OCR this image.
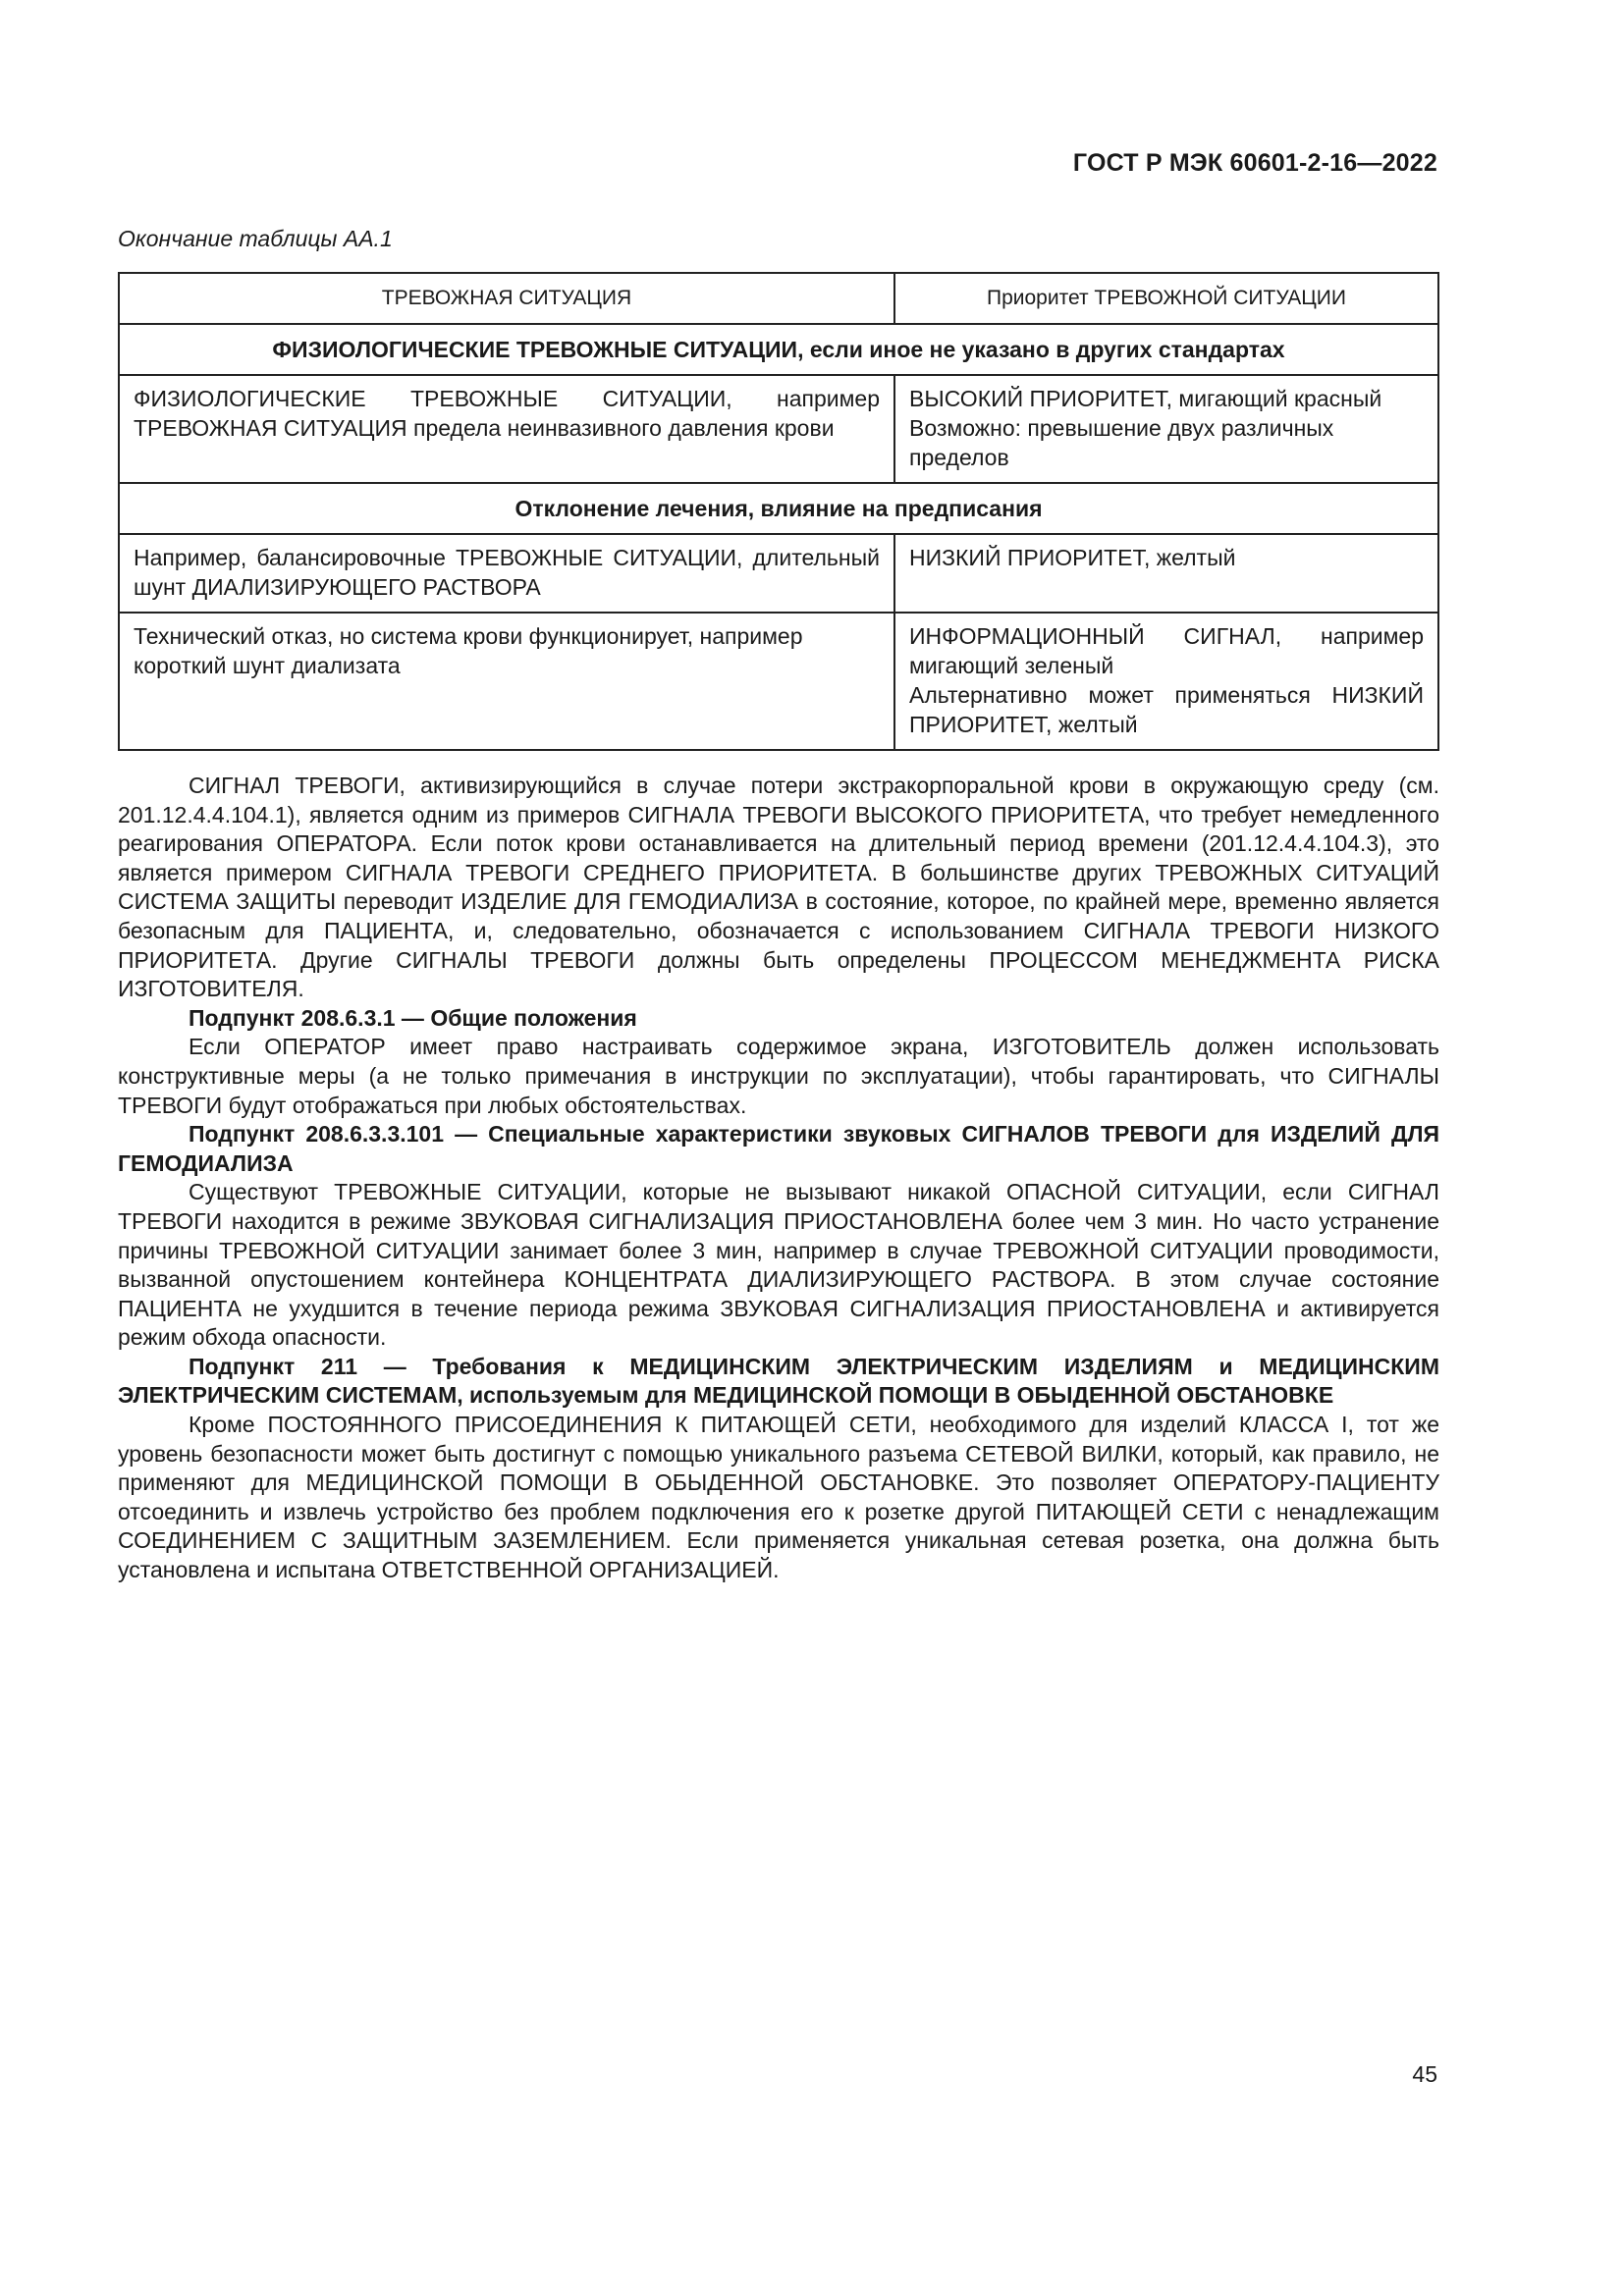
ГОСТ Р МЭК 60601-2-16—2022
Окончание таблицы АА.1
ТРЕВОЖНАЯ СИТУАЦИЯ	Приоритет ТРЕВОЖНОЙ СИТУАЦИИ
ФИЗИОЛОГИЧЕСКИЕ ТРЕВОЖНЫЕ СИТУАЦИИ, если иное не указано в других стандартах	
ФИЗИОЛОГИЧЕСКИЕ ТРЕВОЖНЫЕ СИТУАЦИИ, например ТРЕВОЖНАЯ СИТУАЦИЯ предела неинвазивного давления крови	ВЫСОКИЙ ПРИОРИТЕТ, мигающий красный
Возможно: превышение двух различных пределов

Отклонение лечения, влияние на предписания	
Например, балансировочные ТРЕВОЖНЫЕ СИТУАЦИИ, длительный шунт ДИАЛИЗИРУЮЩЕГО РАСТВОРА	НИЗКИЙ ПРИОРИТЕТ, желтый

Технический отказ, но система крови функционирует, например короткий шунт диализата	ИНФОРМАЦИОННЫЙ СИГНАЛ, например мигающий зеленый
Альтернативно может применяться НИЗКИЙ ПРИОРИТЕТ, желтый

СИГНАЛ ТРЕВОГИ, активизирующийся в случае потери экстракорпоральной крови в окружающую среду (см. 201.12.4.4.104.1), является одним из примеров СИГНАЛА ТРЕВОГИ ВЫСОКОГО ПРИОРИТЕТА, что требует немедленного реагирования ОПЕРАТОРА. Если поток крови останавливается на длительный период времени (201.12.4.4.104.3), это является примером СИГНАЛА ТРЕВОГИ СРЕДНЕГО ПРИОРИТЕТА. В большинстве других ТРЕВОЖНЫХ СИТУАЦИЙ СИСТЕМА ЗАЩИТЫ переводит ИЗДЕЛИЕ ДЛЯ ГЕМОДИАЛИЗА в состояние, которое, по крайней мере, временно является безопасным для ПАЦИЕНТА, и, следовательно, обозначается с использованием СИГНАЛА ТРЕВОГИ НИЗКОГО ПРИОРИТЕТА. Другие СИГНАЛЫ ТРЕВОГИ должны быть определены ПРОЦЕССОМ МЕНЕДЖМЕНТА РИСКА ИЗГОТОВИТЕЛЯ.

Подпункт 208.6.3.1 — Общие положения

Если ОПЕРАТОР имеет право настраивать содержимое экрана, ИЗГОТОВИТЕЛЬ должен использовать конструктивные меры (а не только примечания в инструкции по эксплуатации), чтобы гарантировать, что СИГНАЛЫ ТРЕВОГИ будут отображаться при любых обстоятельствах.

Подпункт 208.6.3.3.101 — Специальные характеристики звуковых СИГНАЛОВ ТРЕВОГИ для ИЗДЕЛИЙ ДЛЯ ГЕМОДИАЛИЗА

Существуют ТРЕВОЖНЫЕ СИТУАЦИИ, которые не вызывают никакой ОПАСНОЙ СИТУАЦИИ, если СИГНАЛ ТРЕВОГИ находится в режиме ЗВУКОВАЯ СИГНАЛИЗАЦИЯ ПРИОСТАНОВЛЕНА более чем 3 мин. Но часто устранение причины ТРЕВОЖНОЙ СИТУАЦИИ занимает более 3 мин, например в случае ТРЕВОЖНОЙ СИТУАЦИИ проводимости, вызванной опустошением контейнера КОНЦЕНТРАТА ДИАЛИЗИРУЮЩЕГО РАСТВОРА. В этом случае состояние ПАЦИЕНТА не ухудшится в течение периода режима ЗВУКОВАЯ СИГНАЛИЗАЦИЯ ПРИОСТАНОВЛЕНА и активируется режим обхода опасности.

Подпункт 211 — Требования к МЕДИЦИНСКИМ ЭЛЕКТРИЧЕСКИМ ИЗДЕЛИЯМ и МЕДИЦИНСКИМ ЭЛЕКТРИЧЕСКИМ СИСТЕМАМ, используемым для МЕДИЦИНСКОЙ ПОМОЩИ В ОБЫДЕННОЙ ОБСТАНОВКЕ

Кроме ПОСТОЯННОГО ПРИСОЕДИНЕНИЯ К ПИТАЮЩЕЙ СЕТИ, необходимого для изделий КЛАССА I, тот же уровень безопасности может быть достигнут с помощью уникального разъема СЕТЕВОЙ ВИЛКИ, который, как правило, не применяют для МЕДИЦИНСКОЙ ПОМОЩИ В ОБЫДЕННОЙ ОБСТАНОВКЕ. Это позволяет ОПЕРАТОРУ-ПАЦИЕНТУ отсоединить и извлечь устройство без проблем подключения его к розетке другой ПИТАЮЩЕЙ СЕТИ с ненадлежащим СОЕДИНЕНИЕМ С ЗАЩИТНЫМ ЗАЗЕМЛЕНИЕМ. Если применяется уникальная сетевая розетка, она должна быть установлена и испытана ОТВЕТСТВЕННОЙ ОРГАНИЗАЦИЕЙ.

45
